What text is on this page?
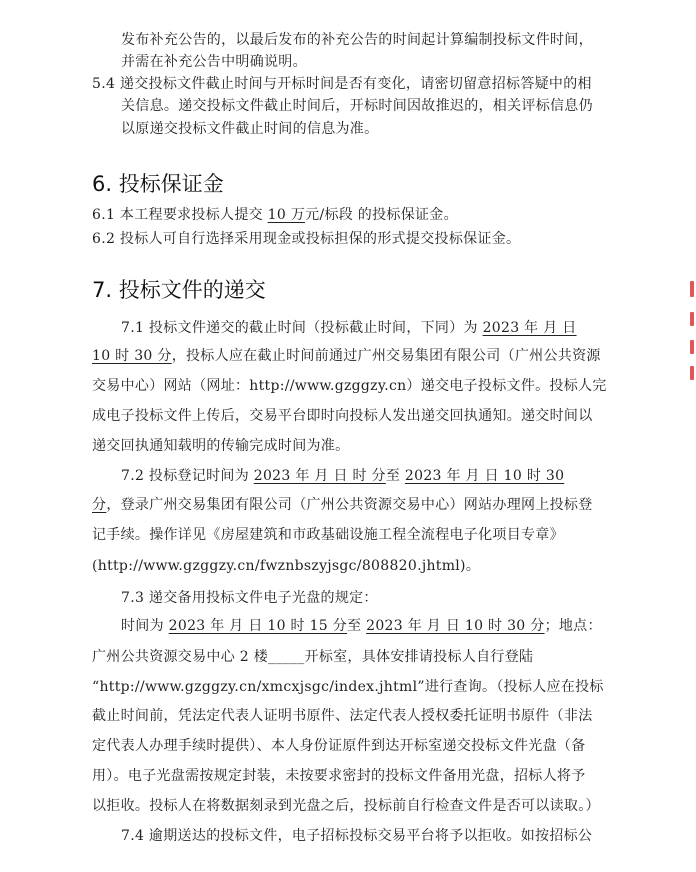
发布补充公告的，以最后发布的补充公告的时间起计算编制投标文件时间，
并需在补充公告中明确说明。
5.4 递交投标文件截止时间与开标时间是否有变化，请密切留意招标答疑中的相
关信息。递交投标文件截止时间后，开标时间因故推迟的，相关评标信息仍
以原递交投标文件截止时间的信息为准。
6. 投标保证金
6.1 本工程要求投标人提交 10 万元/标段 的投标保证金。
6.2 投标人可自行选择采用现金或投标担保的形式提交投标保证金。
7. 投标文件的递交
7.1 投标文件递交的截止时间（投标截止时间，下同）为 2023 年 月 日
10 时 30 分，投标人应在截止时间前通过广州交易集团有限公司（广州公共资源
交易中心）网站（网址：http://www.gzggzy.cn）递交电子投标文件。投标人完
成电子投标文件上传后，交易平台即时向投标人发出递交回执通知。递交时间以
递交回执通知载明的传输完成时间为准。
7.2 投标登记时间为 2023 年 月 日 时 分至 2023 年 月 日 10 时 30
分，登录广州交易集团有限公司（广州公共资源交易中心）网站办理网上投标登
记手续。操作详见《房屋建筑和市政基础设施工程全流程电子化项目专章》
(http://www.gzggzy.cn/fwznbszyjsgc/808820.jhtml)。
7.3 递交备用投标文件电子光盘的规定：
时间为 2023 年 月 日 10 时 15 分至 2023 年 月 日 10 时 30 分；地点：
广州公共资源交易中心 2 楼_____开标室，具体安排请投标人自行登陆
“http://www.gzggzy.cn/xmcxjsgc/index.jhtml”进行查询。（投标人应在投标
截止时间前，凭法定代表人证明书原件、法定代表人授权委托证明书原件（非法
定代表人办理手续时提供）、本人身份证原件到达开标室递交投标文件光盘（备
用）。电子光盘需按规定封装，未按要求密封的投标文件备用光盘，招标人将予
以拒收。投标人在将数据刻录到光盘之后，投标前自行检查文件是否可以读取。）
7.4 逾期送达的投标文件，电子招标投标交易平台将予以拒收。如按招标公
